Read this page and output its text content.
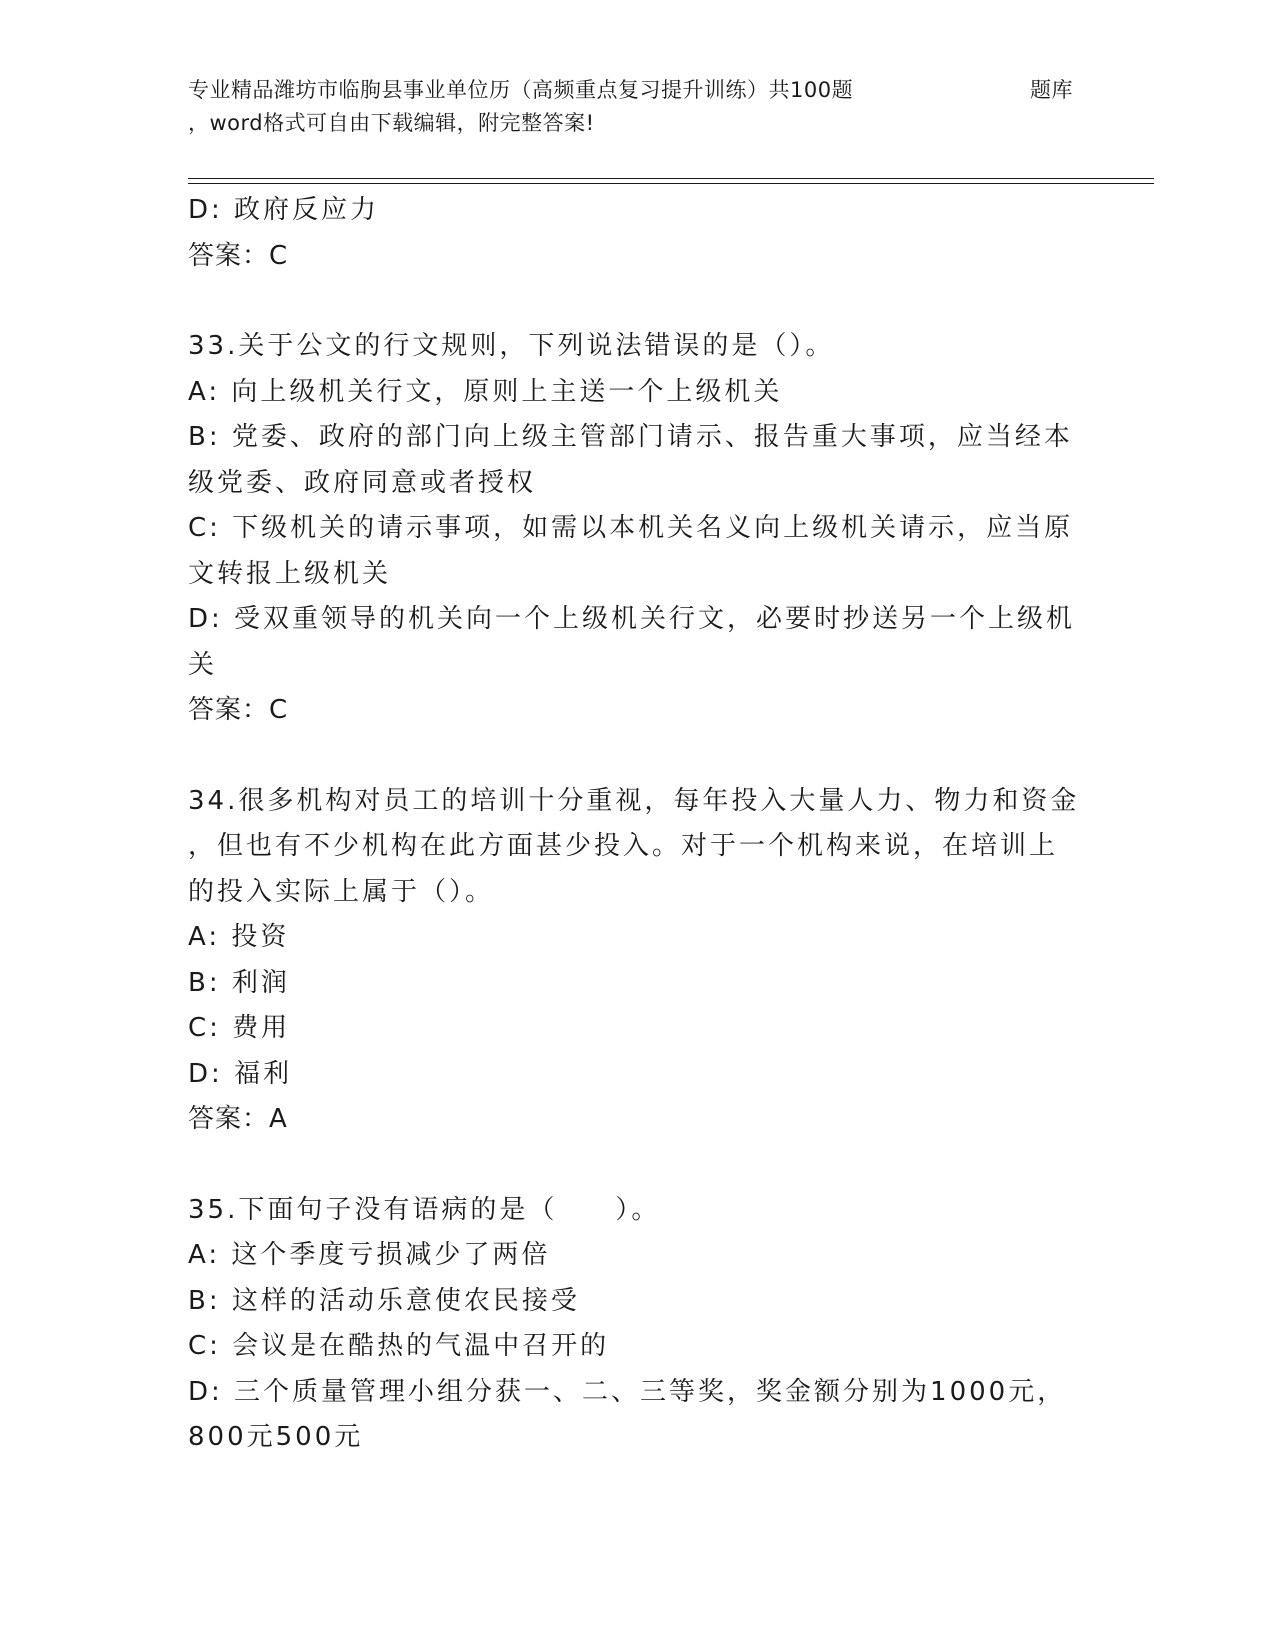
专业精品潍坊市临朐县事业单位历（高频重点复习提升训练）共100题	题库
，word格式可自由下载编辑，附完整答案!

D: 政府反应力

答案：C

33.关于公文的行文规则，下列说法错误的是（）。

A: 向上级机关行文，原则上主送一个上级机关

B: 党委、政府的部门向上级主管部门请示、报告重大事项，应当经本

级党委、政府同意或者授权

C: 下级机关的请示事项，如需以本机关名义向上级机关请示，应当原

文转报上级机关

D: 受双重领导的机关向一个上级机关行文，必要时抄送另一个上级机

关

答案：C

34.很多机构对员工的培训十分重视，每年投入大量人力、物力和资金

，但也有不少机构在此方面甚少投入。对于一个机构来说，在培训上

的投入实际上属于（）。

A: 投资

B: 利润

C: 费用

D: 福利

答案：A

35.下面句子没有语病的是（　　）。

A: 这个季度亏损减少了两倍

B: 这样的活动乐意使农民接受

C: 会议是在酷热的气温中召开的

D: 三个质量管理小组分获一、二、三等奖，奖金额分别为1000元，

800元500元
